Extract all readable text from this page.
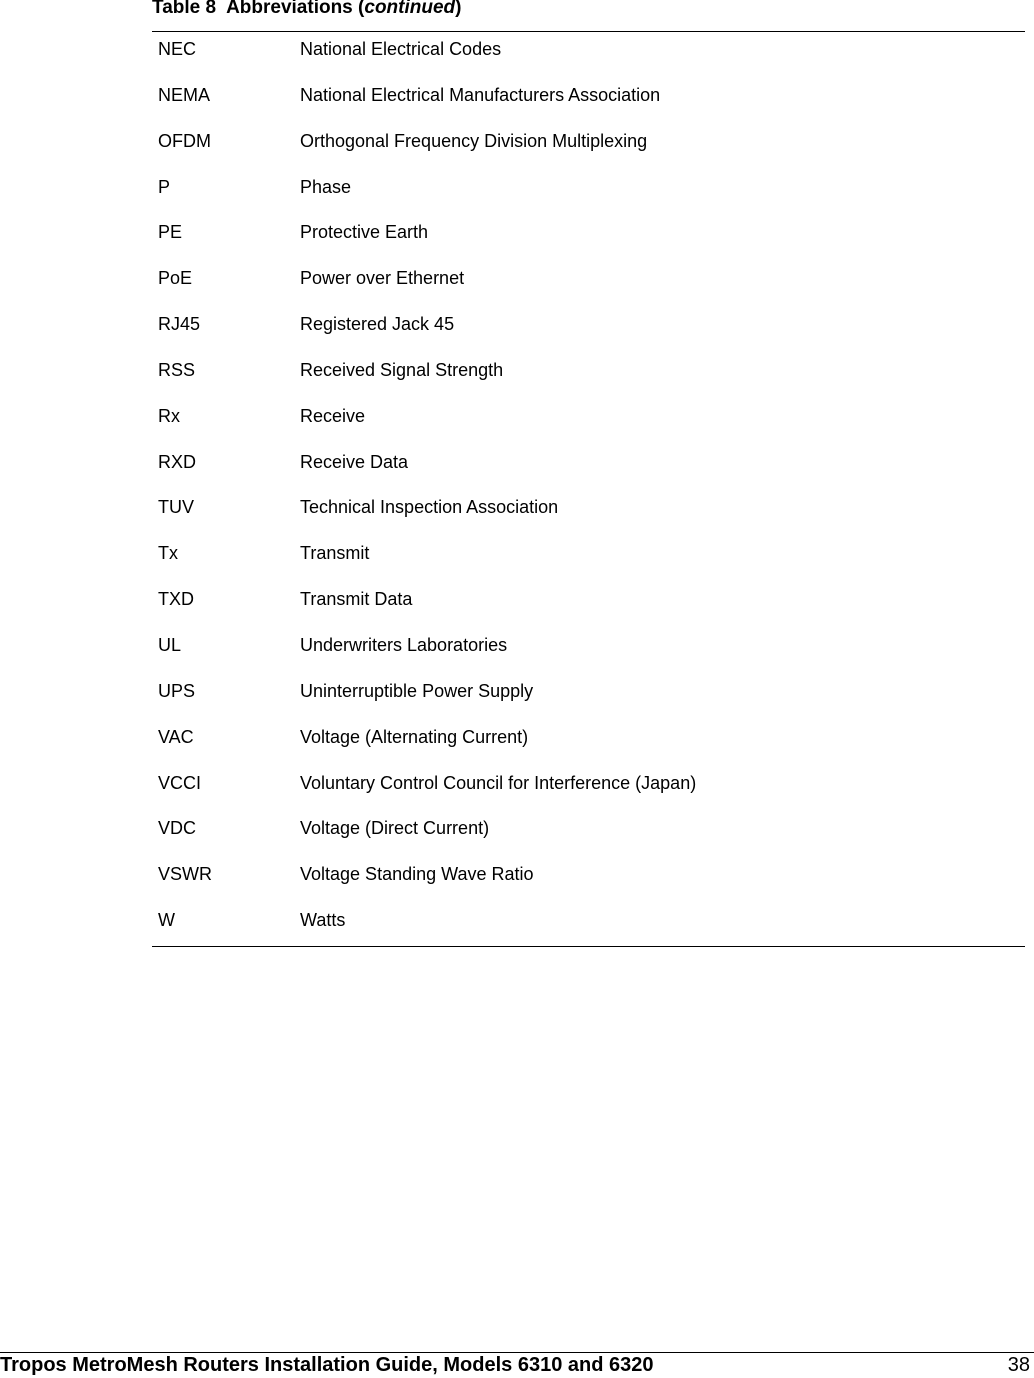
Table 8 Abbreviations (continued)
NEC	National Electrical Codes
NEMA	National Electrical Manufacturers Association
OFDM	Orthogonal Frequency Division Multiplexing
P	Phase
PE	Protective Earth
PoE	Power over Ethernet
RJ45	Registered Jack 45
RSS	Received Signal Strength
Rx	Receive
RXD	Receive Data
TUV	Technical Inspection Association
Tx	Transmit
TXD	Transmit Data
UL	Underwriters Laboratories
UPS	Uninterruptible Power Supply
VAC	Voltage (Alternating Current)
VCCI	Voluntary Control Council for Interference (Japan)
VDC	Voltage (Direct Current)
VSWR	Voltage Standing Wave Ratio
W	Watts
Tropos MetroMesh Routers Installation Guide, Models 6310 and 6320	38
